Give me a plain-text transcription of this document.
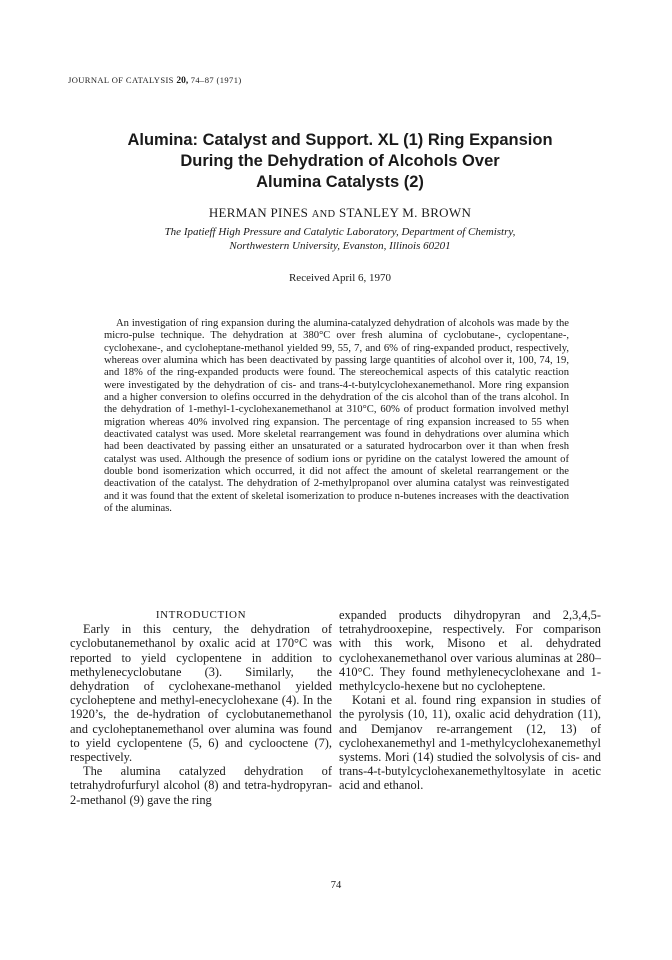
JOURNAL OF CATALYSIS 20, 74–87 (1971)
Alumina: Catalyst and Support. XL (1) Ring Expansion
During the Dehydration of Alcohols Over
Alumina Catalysts (2)
HERMAN PINES AND STANLEY M. BROWN
The Ipatieff High Pressure and Catalytic Laboratory, Department of Chemistry,
Northwestern University, Evanston, Illinois 60201
Received April 6, 1970

An investigation of ring expansion during the alumina-catalyzed dehydration of alcohols was made by the micro-pulse technique. The dehydration at 380°C over fresh alumina of cyclobutane-, cyclopentane-, cyclohexane-, and cycloheptane-methanol yielded 99, 55, 7, and 6% of ring-expanded product, respectively, whereas over alumina which has been deactivated by passing large quantities of alcohol over it, 100, 74, 19, and 18% of the ring-expanded products were found. The stereochemical aspects of this catalytic reaction were investigated by the dehydration of cis- and trans-4-t-butylcyclohexanemethanol. More ring expansion and a higher conversion to olefins occurred in the dehydration of the cis alcohol than of the trans alcohol. In the dehydration of 1-methyl-1-cyclohexanemethanol at 310°C, 60% of product formation involved methyl migration whereas 40% involved ring expansion. The percentage of ring expansion increased to 55 when deactivated catalyst was used. More skeletal rearrangement was found in dehydrations over alumina which had been deactivated by passing either an unsaturated or a saturated hydrocarbon over it than when fresh catalyst was used. Although the presence of sodium ions or pyridine on the catalyst lowered the amount of double bond isomerization which occurred, it did not affect the amount of skeletal rearrangement or the deactivation of the catalyst. The dehydration of 2-methylpropanol over alumina catalyst was reinvestigated and it was found that the extent of skeletal isomerization to produce n-butenes increases with the deactivation of the aluminas.

INTRODUCTION

Early in this century, the dehydration of cyclobutanemethanol by oxalic acid at 170°C was reported to yield cyclopentene in addition to methylenecyclobutane (3). Similarly, the dehydration of cyclohexane-methanol yielded cycloheptene and methyl-enecyclohexane (4). In the 1920’s, the de-hydration of cyclobutanemethanol and cycloheptanemethanol over alumina was found to yield cyclopentene (5, 6) and cyclooctene (7), respectively.

The alumina catalyzed dehydration of tetrahydrofurfuryl alcohol (8) and tetra-hydropyran-2-methanol (9) gave the ring

expanded products dihydropyran and 2,3,4,5-tetrahydrooxepine, respectively. For comparison with this work, Misono et al. dehydrated cyclohexanemethanol over various aluminas at 280–410°C. They found methylenecyclohexane and 1-methylcyclo-hexene but no cycloheptene.

Kotani et al. found ring expansion in studies of the pyrolysis (10, 11), oxalic acid dehydration (11), and Demjanov re-arrangement (12, 13) of cyclohexanemethyl and 1-methylcyclohexanemethyl systems. Mori (14) studied the solvolysis of cis- and trans-4-t-butylcyclohexanemethyltosylate in acetic acid and ethanol.

74
